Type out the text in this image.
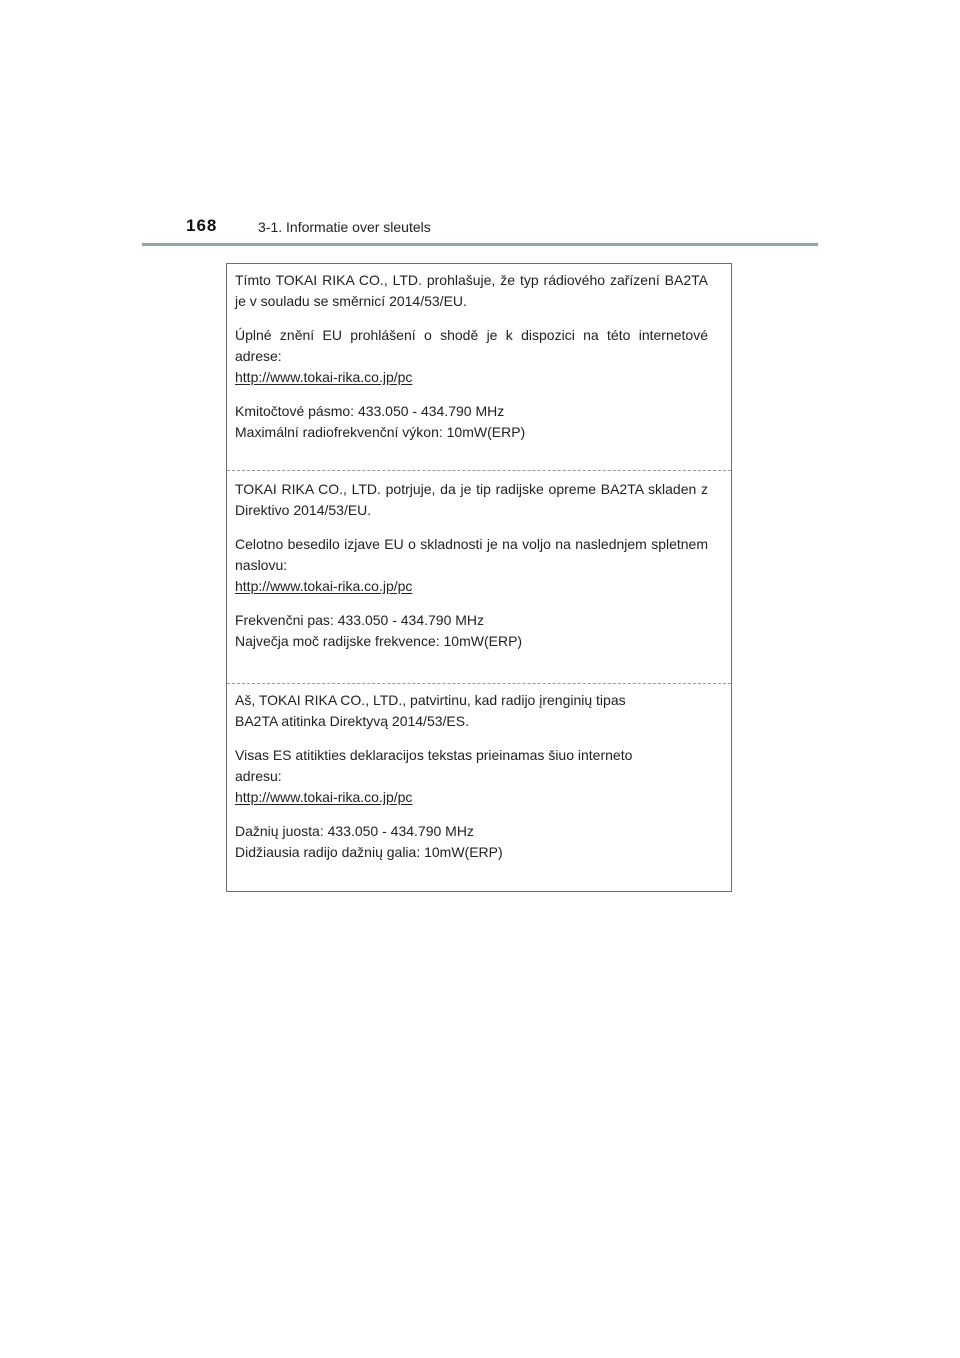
168	3-1. Informatie over sleutels

Tímto TOKAI RIKA CO., LTD. prohlašuje, že typ rádiového zařízení BA2TA je v souladu se směrnicí 2014/53/EU.

Úplné znění EU prohlášení o shodě je k dispozici na této internetové adrese:

http://www.tokai-rika.co.jp/pc

Kmitočtové pásmo: 433.050 - 434.790 MHz

Maximální radiofrekvenční výkon: 10mW(ERP)

TOKAI RIKA CO., LTD. potrjuje, da je tip radijske opreme BA2TA skladen z Direktivo 2014/53/EU.

Celotno besedilo izjave EU o skladnosti je na voljo na naslednjem spletnem naslovu:

http://www.tokai-rika.co.jp/pc

Frekvenčni pas: 433.050 - 434.790 MHz

Največja moč radijske frekvence: 10mW(ERP)

Aš, TOKAI RIKA CO., LTD., patvirtinu, kad radijo įrenginių tipas
BA2TA atitinka Direktyvą 2014/53/ES.

Visas ES atitikties deklaracijos tekstas prieinamas šiuo interneto
adresu:

http://www.tokai-rika.co.jp/pc

Dažnių juosta: 433.050 - 434.790 MHz

Didžiausia radijo dažnių galia: 10mW(ERP)
